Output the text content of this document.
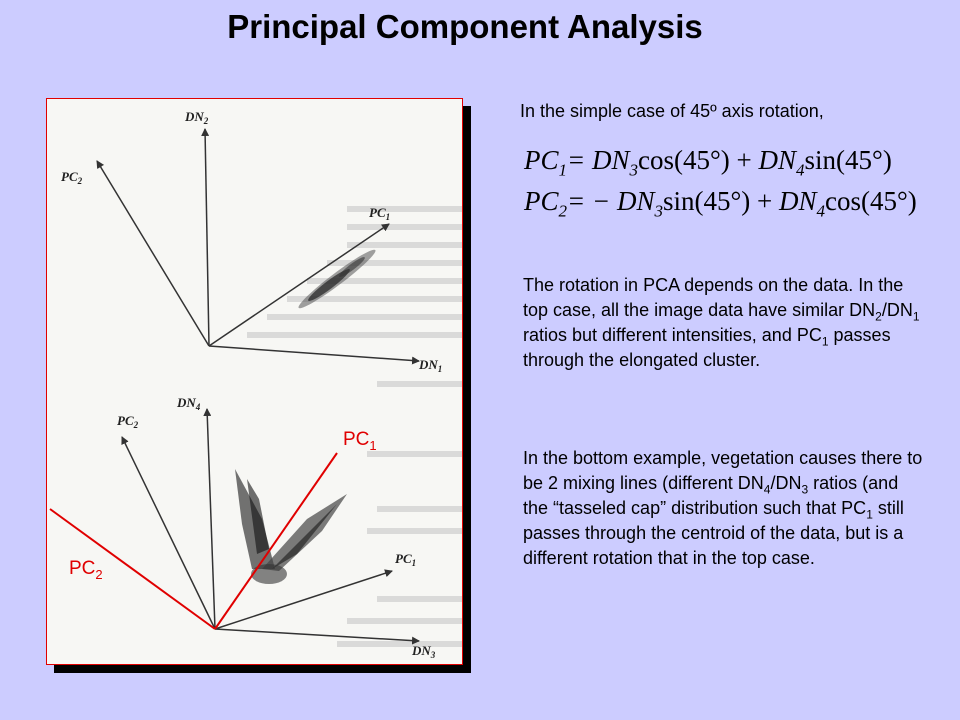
Principal Component Analysis
$DN_2$
$PC_2$
$PC_1$
$DN_1$
$DN_4$
$PC_2$
$PC_1$
$DN_3$
$PC_1$
$PC_2$
In the simple case of 45º axis rotation,
$PC_1= DN_3\cos(45^\circ) + DN_4\sin(45^\circ)$
$PC_2= - DN_3\sin(45^\circ) + DN_4\cos(45^\circ)$
The rotation in PCA depends on the data. In the top case, all the image data have similar $DN_2/DN_1$ ratios but different intensities, and $PC_1$ passes through the elongated cluster.
In the bottom example, vegetation causes there to be 2 mixing lines (different $DN_4/DN_3$ ratios (and the “tasseled cap” distribution such that $PC_1$ still passes through the centroid of the data, but is a different rotation that in the top case.
